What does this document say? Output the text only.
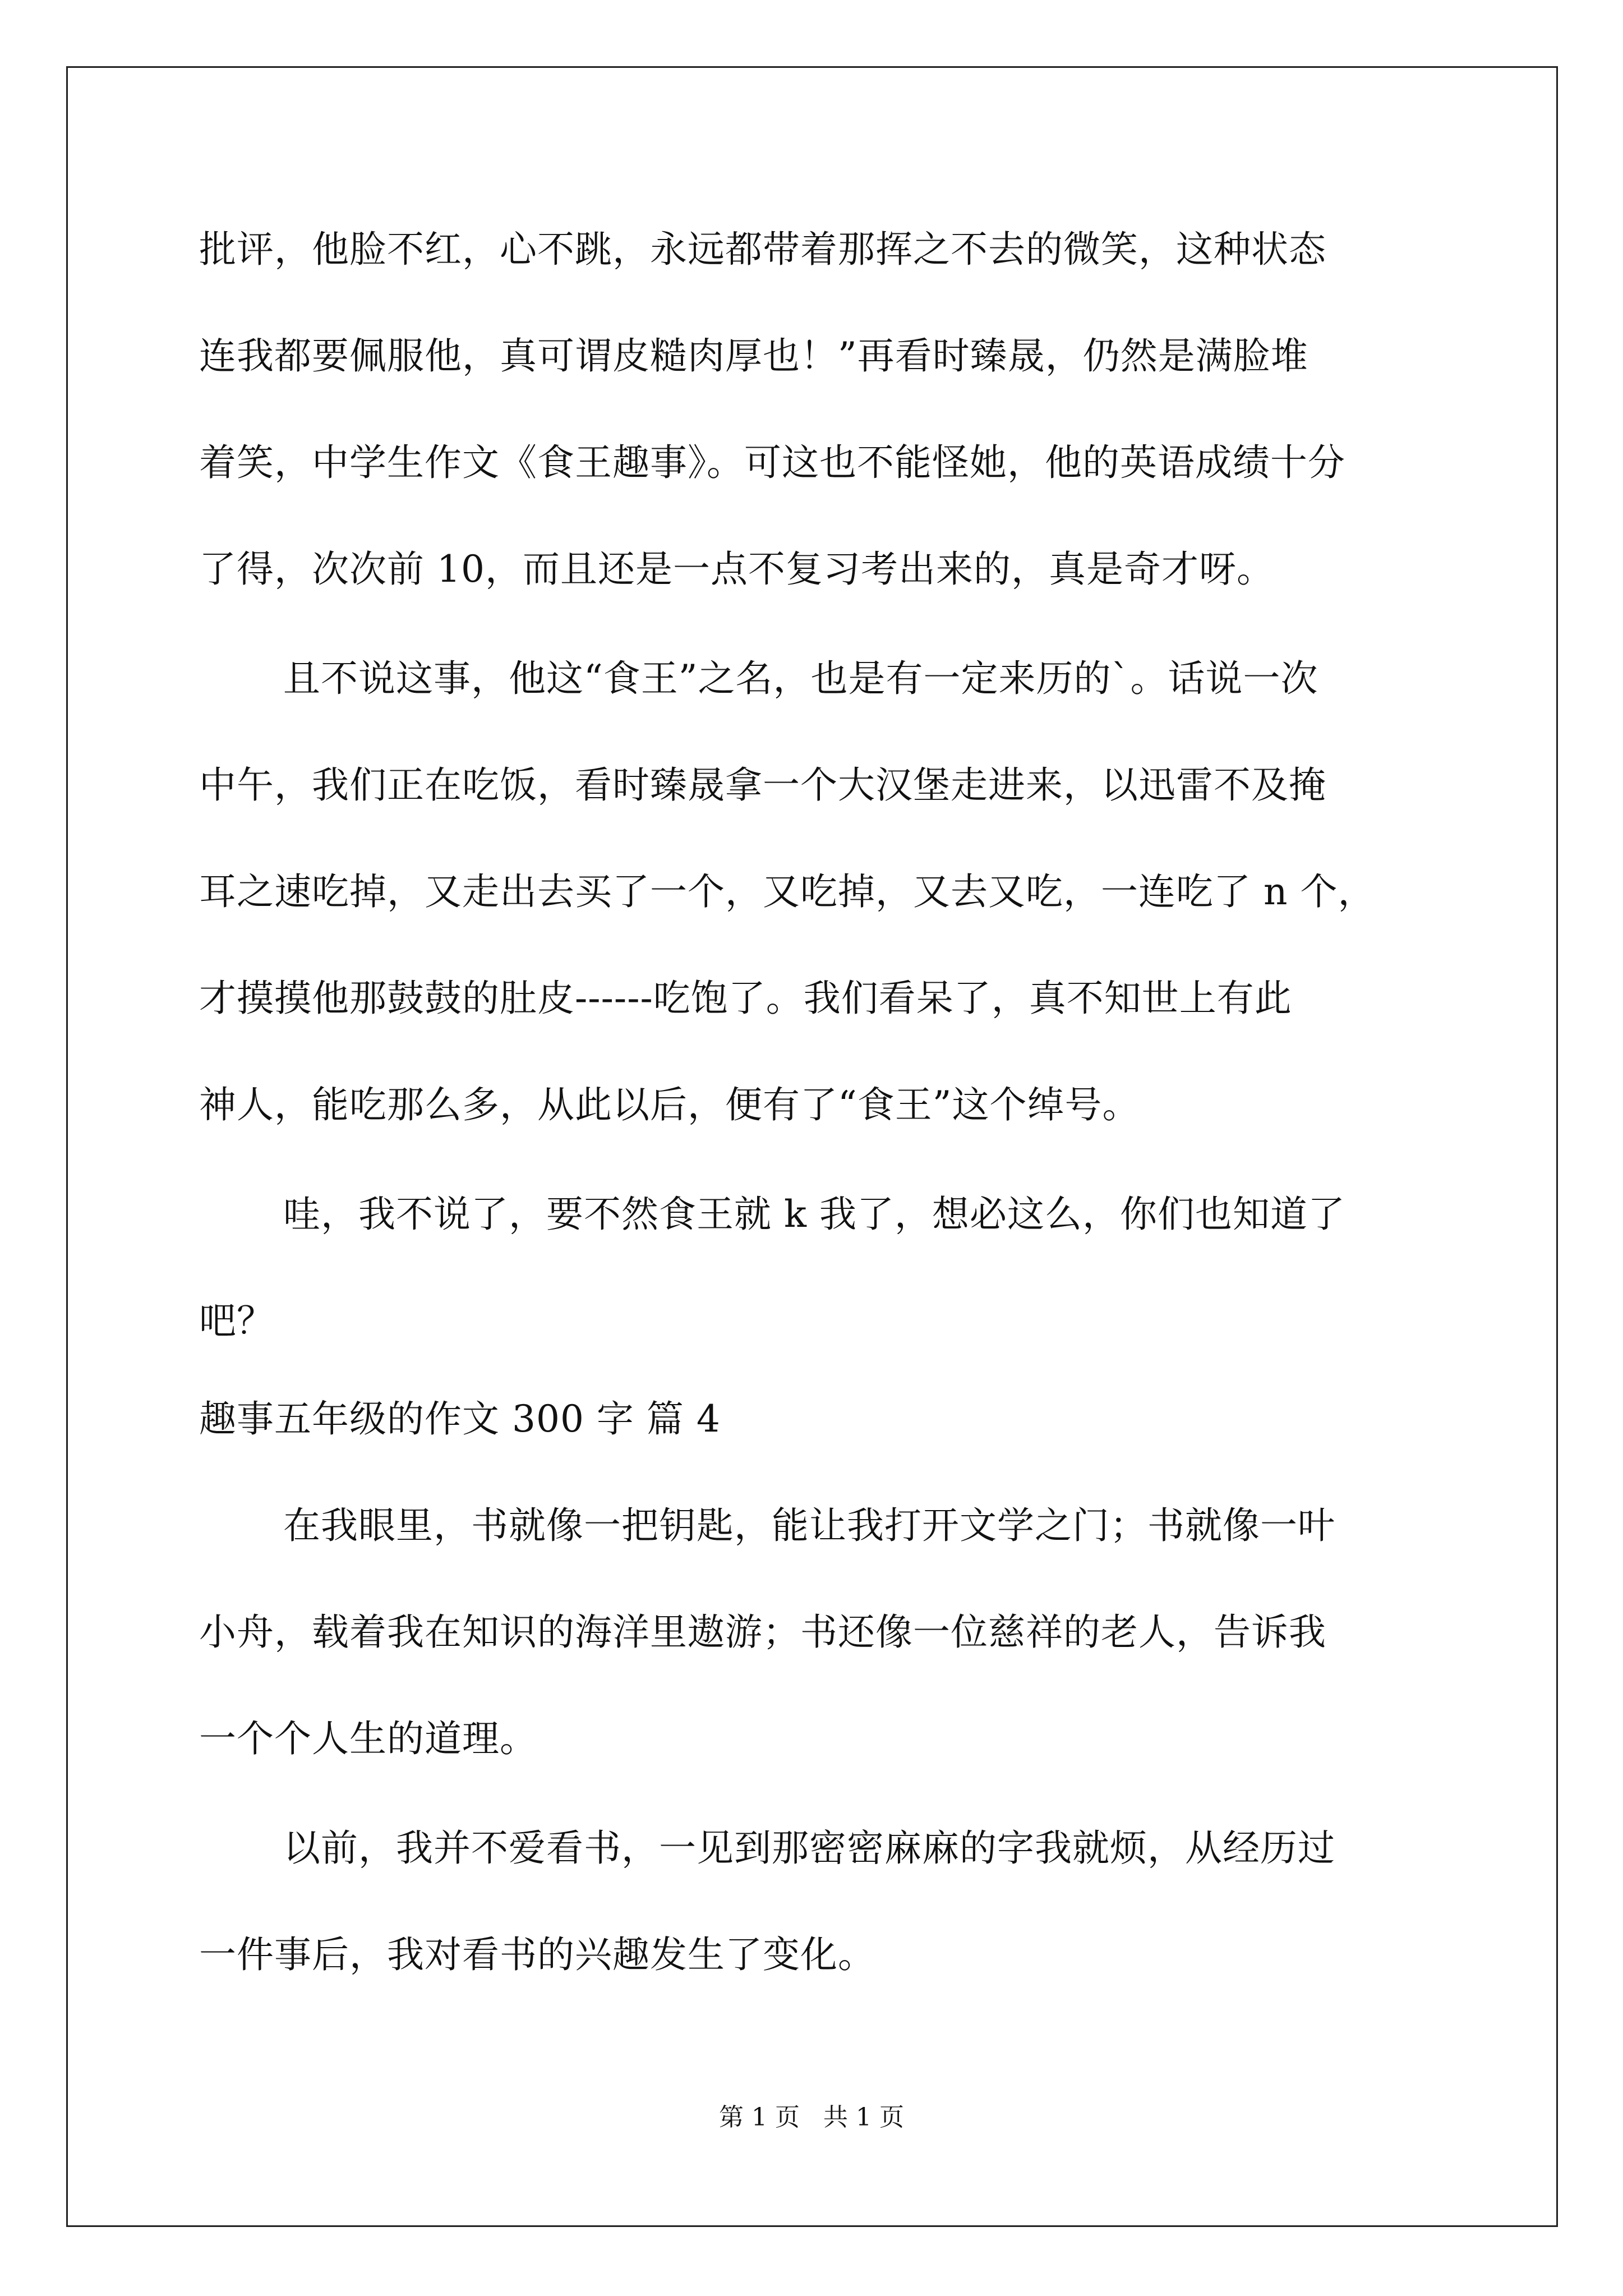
批评，他脸不红，心不跳，永远都带着那挥之不去的微笑，这种状态
连我都要佩服他，真可谓皮糙肉厚也！”再看时臻晟，仍然是满脸堆
着笑，中学生作文《食王趣事》。可这也不能怪她，他的英语成绩十分
了得，次次前 10，而且还是一点不复习考出来的，真是奇才呀。
且不说这事，他这“食王”之名，也是有一定来历的`。话说一次
中午，我们正在吃饭，看时臻晟拿一个大汉堡走进来，以迅雷不及掩
耳之速吃掉，又走出去买了一个，又吃掉，又去又吃，一连吃了 n 个，
才摸摸他那鼓鼓的肚皮------吃饱了。我们看呆了，真不知世上有此
神人，能吃那么多，从此以后，便有了“食王”这个绰号。
哇，我不说了，要不然食王就 k 我了，想必这么，你们也知道了
吧？
趣事五年级的作文 300 字 篇 4
在我眼里，书就像一把钥匙，能让我打开文学之门；书就像一叶
小舟，载着我在知识的海洋里遨游；书还像一位慈祥的老人，告诉我
一个个人生的道理。
以前，我并不爱看书，一见到那密密麻麻的字我就烦，从经历过
一件事后，我对看书的兴趣发生了变化。
第 1 页   共 1 页
